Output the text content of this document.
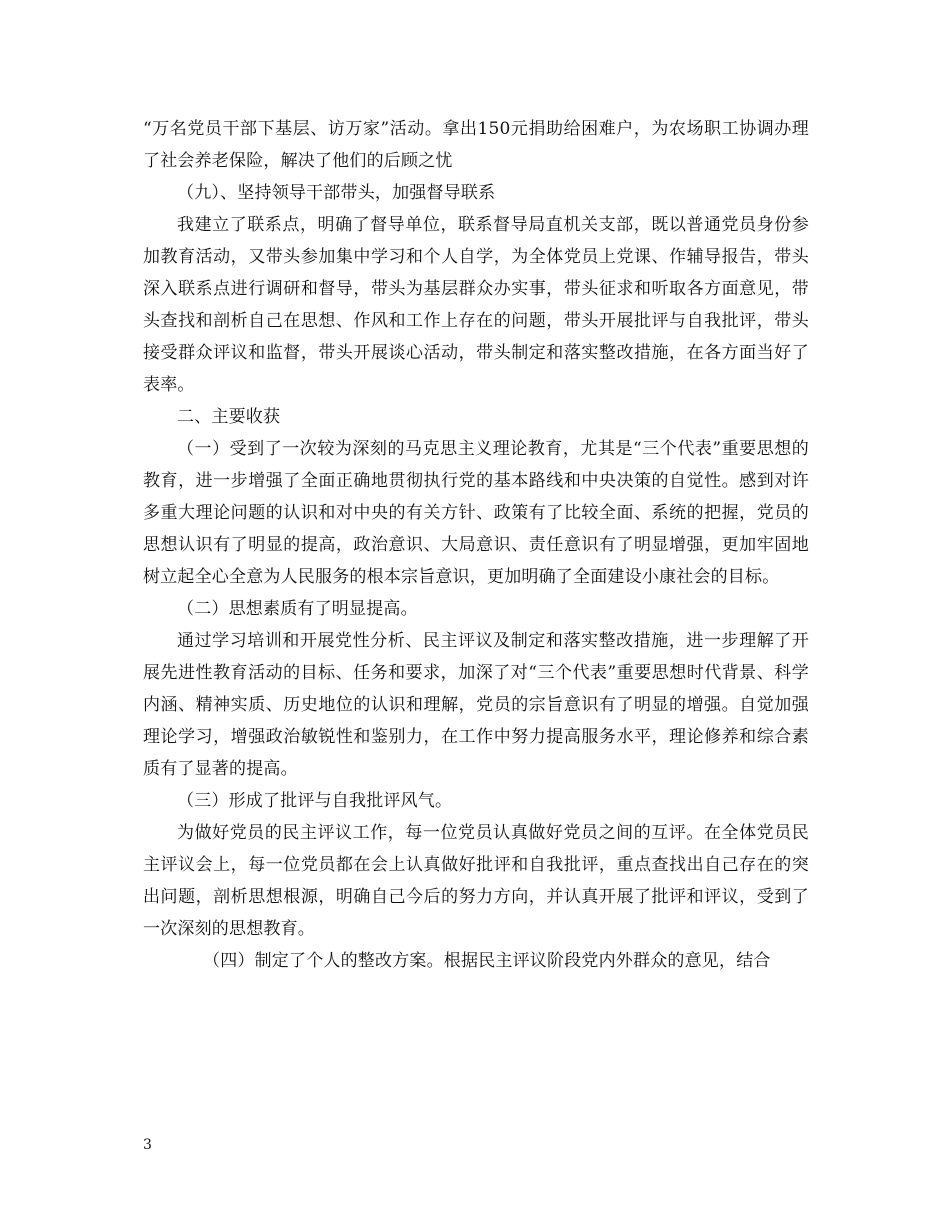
“万名党员干部下基层、访万家”活动。拿出150元捐助给困难户，为农场职工协调办理了社会养老保险，解决了他们的后顾之忧

（九）、坚持领导干部带头，加强督导联系

我建立了联系点，明确了督导单位，联系督导局直机关支部，既以普通党员身份参加教育活动，又带头参加集中学习和个人自学，为全体党员上党课、作辅导报告，带头深入联系点进行调研和督导，带头为基层群众办实事，带头征求和听取各方面意见，带头查找和剖析自己在思想、作风和工作上存在的问题，带头开展批评与自我批评，带头接受群众评议和监督，带头开展谈心活动，带头制定和落实整改措施，在各方面当好了表率。

二、主要收获

（一）受到了一次较为深刻的马克思主义理论教育，尤其是“三个代表”重要思想的教育，进一步增强了全面正确地贯彻执行党的基本路线和中央决策的自觉性。感到对许多重大理论问题的认识和对中央的有关方针、政策有了比较全面、系统的把握，党员的思想认识有了明显的提高，政治意识、大局意识、责任意识有了明显增强，更加牢固地树立起全心全意为人民服务的根本宗旨意识，更加明确了全面建设小康社会的目标。

（二）思想素质有了明显提高。

通过学习培训和开展党性分析、民主评议及制定和落实整改措施，进一步理解了开展先进性教育活动的目标、任务和要求，加深了对“三个代表”重要思想时代背景、科学内涵、精神实质、历史地位的认识和理解，党员的宗旨意识有了明显的增强。自觉加强理论学习，增强政治敏锐性和鉴别力，在工作中努力提高服务水平，理论修养和综合素质有了显著的提高。

（三）形成了批评与自我批评风气。

为做好党员的民主评议工作，每一位党员认真做好党员之间的互评。在全体党员民主评议会上，每一位党员都在会上认真做好批评和自我批评，重点查找出自己存在的突出问题，剖析思想根源，明确自己今后的努力方向，并认真开展了批评和评议，受到了一次深刻的思想教育。

（四）制定了个人的整改方案。根据民主评议阶段党内外群众的意见，结合

3
